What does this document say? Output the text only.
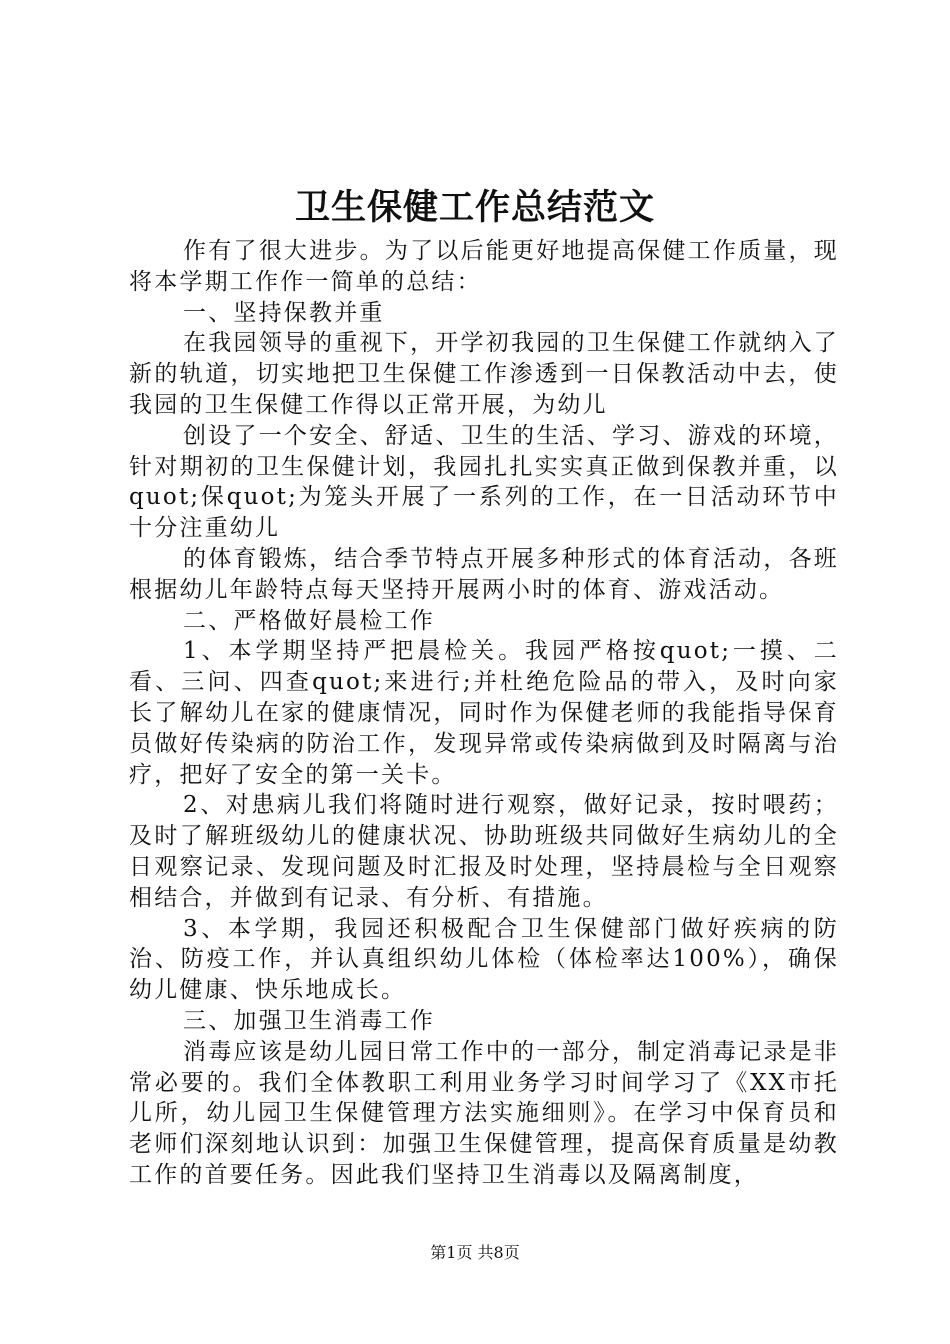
卫生保健工作总结范文

作有了很大进步。为了以后能更好地提高保健工作质量，现将本学期工作作一简单的总结：

一、坚持保教并重

在我园领导的重视下，开学初我园的卫生保健工作就纳入了新的轨道，切实地把卫生保健工作渗透到一日保教活动中去，使我园的卫生保健工作得以正常开展，为幼儿

创设了一个安全、舒适、卫生的生活、学习、游戏的环境，针对期初的卫生保健计划，我园扎扎实实真正做到保教并重，以quot;保quot;为笼头开展了一系列的工作，在一日活动环节中十分注重幼儿

的体育锻炼，结合季节特点开展多种形式的体育活动，各班根据幼儿年龄特点每天坚持开展两小时的体育、游戏活动。

二、严格做好晨检工作

1、本学期坚持严把晨检关。我园严格按quot;一摸、二看、三问、四查quot;来进行;并杜绝危险品的带入，及时向家长了解幼儿在家的健康情况，同时作为保健老师的我能指导保育员做好传染病的防治工作，发现异常或传染病做到及时隔离与治疗，把好了安全的第一关卡。

2、对患病儿我们将随时进行观察，做好记录，按时喂药；及时了解班级幼儿的健康状况、协助班级共同做好生病幼儿的全日观察记录、发现问题及时汇报及时处理，坚持晨检与全日观察相结合，并做到有记录、有分析、有措施。

3、本学期，我园还积极配合卫生保健部门做好疾病的防治、防疫工作，并认真组织幼儿体检（体检率达100%），确保幼儿健康、快乐地成长。

三、加强卫生消毒工作

消毒应该是幼儿园日常工作中的一部分，制定消毒记录是非常必要的。我们全体教职工利用业务学习时间学习了《XX市托儿所，幼儿园卫生保健管理方法实施细则》。在学习中保育员和老师们深刻地认识到：加强卫生保健管理，提高保育质量是幼教工作的首要任务。因此我们坚持卫生消毒以及隔离制度，

第1页 共8页
